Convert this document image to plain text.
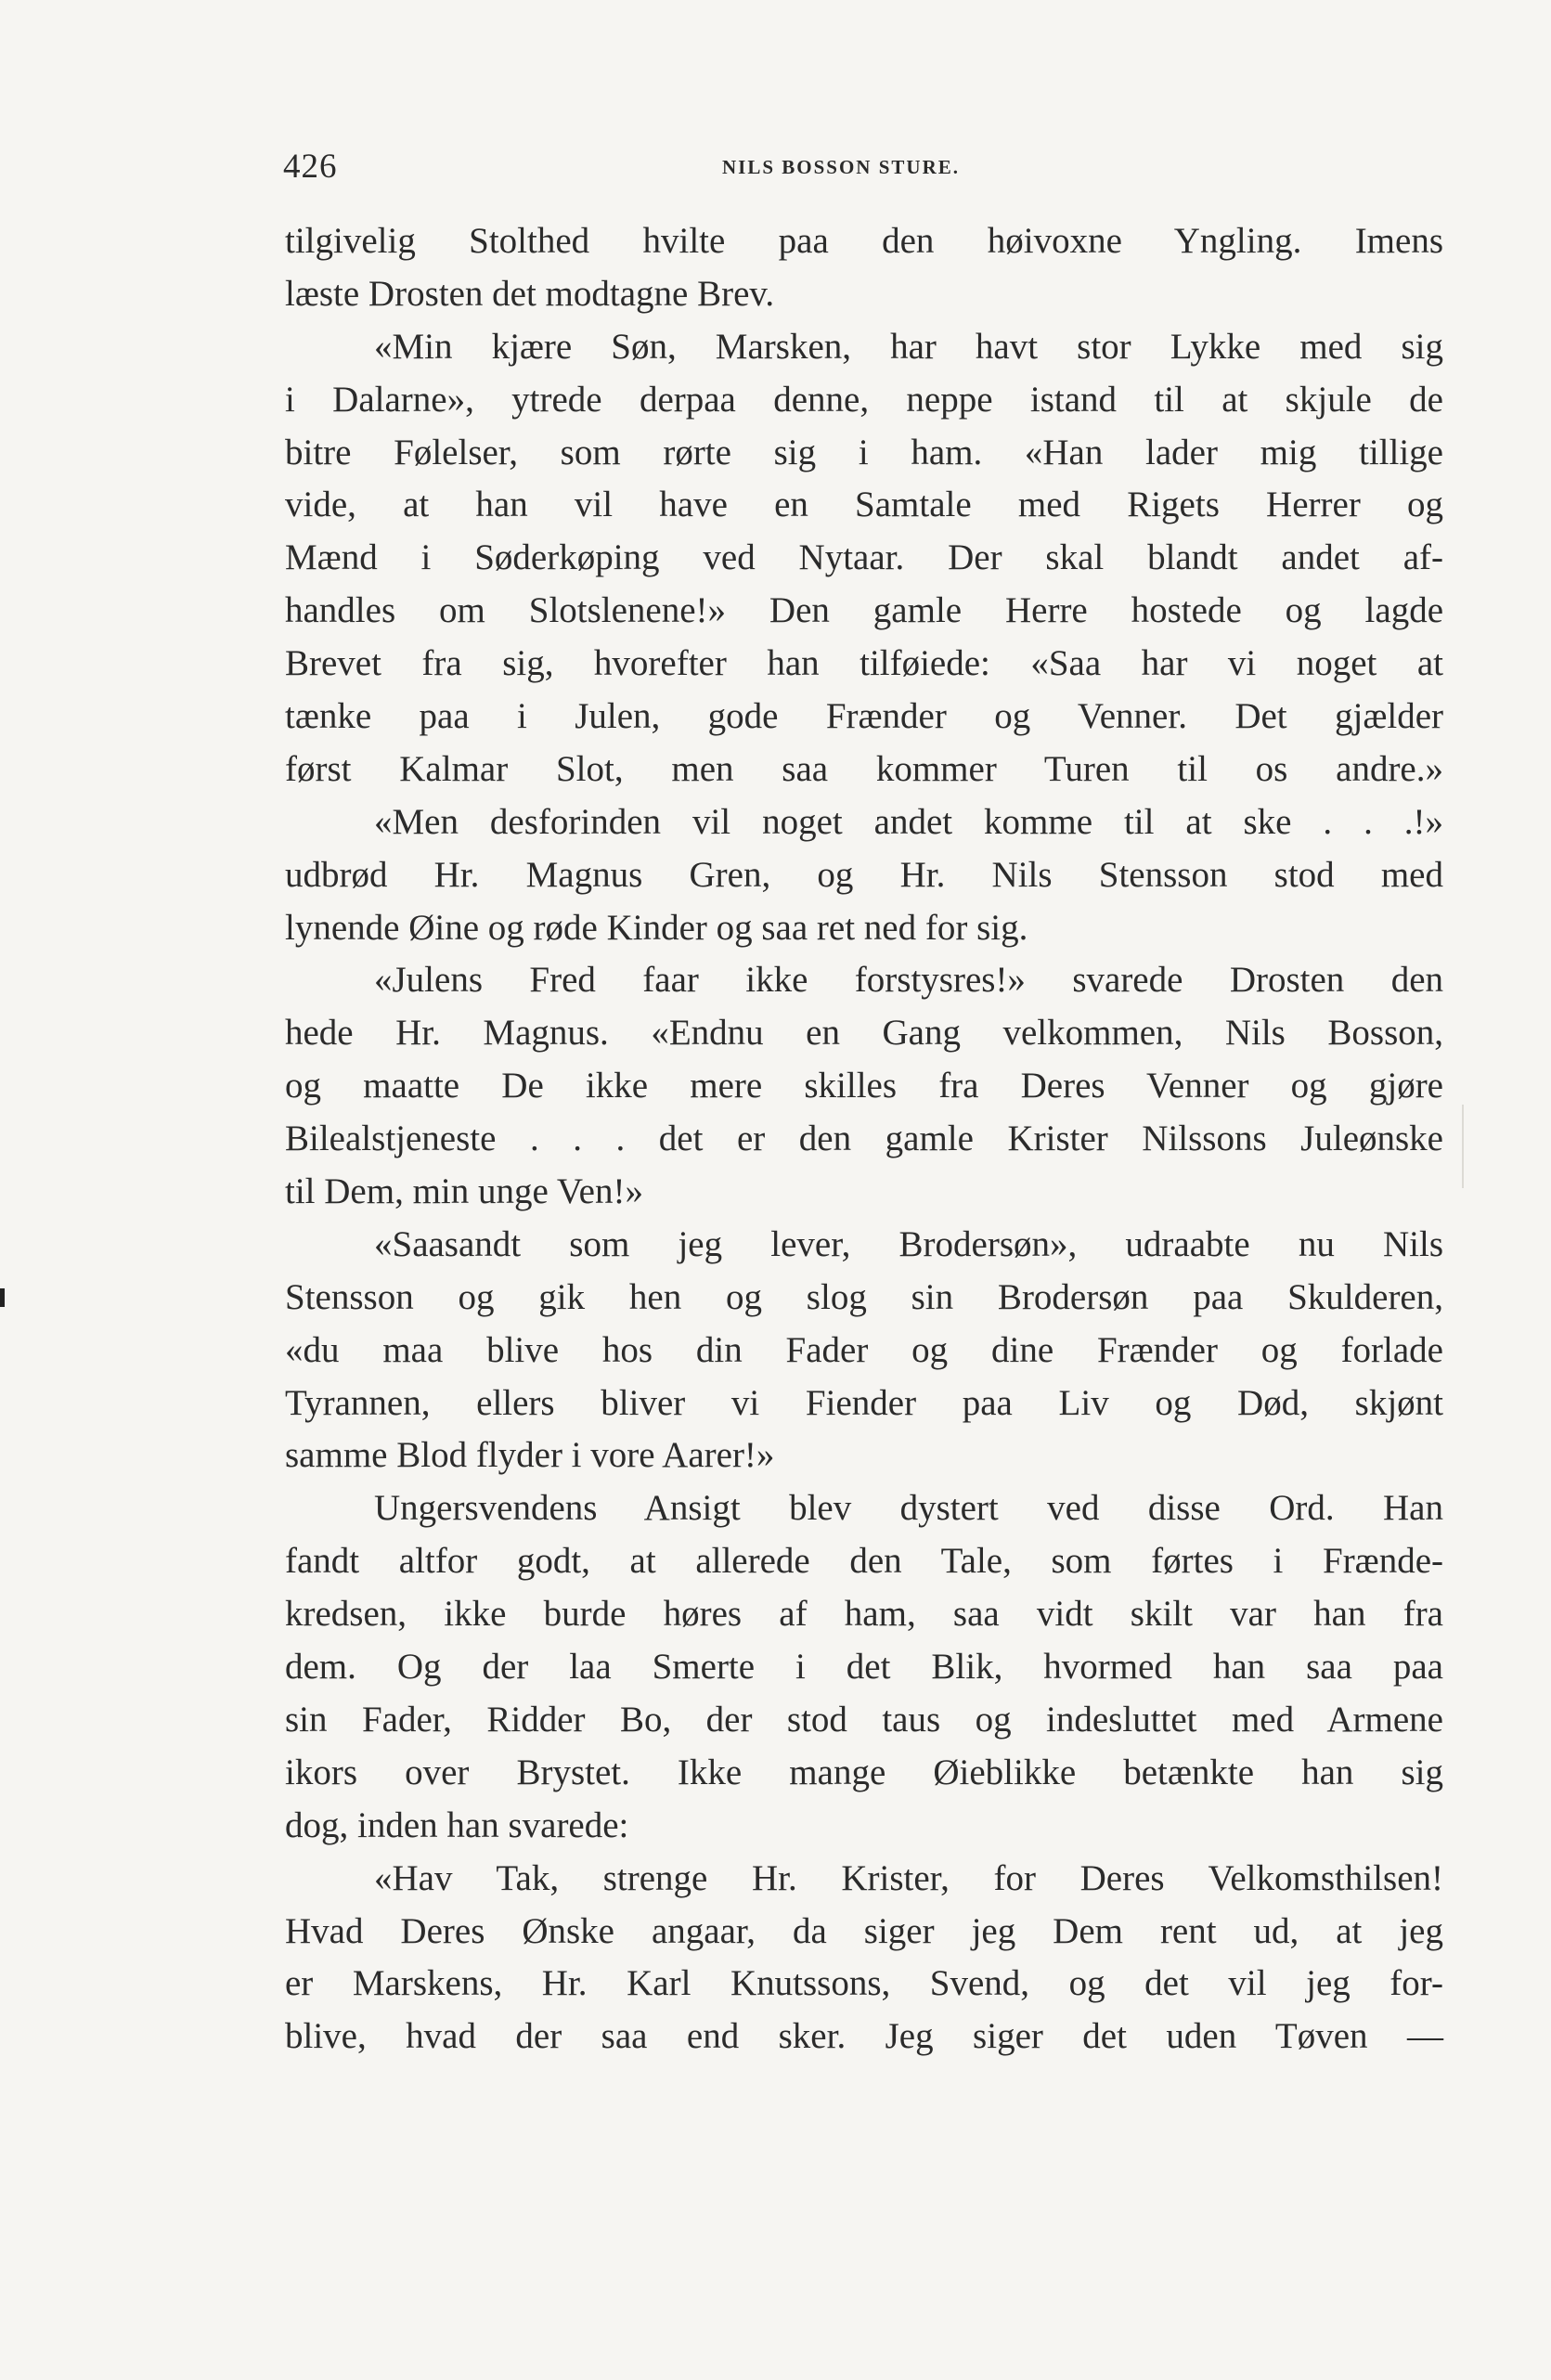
426	NILS BOSSON STURE.
tilgivelig Stolthed hvilte paa den høivoxne Yngling. Imens
læste Drosten det modtagne Brev.
«Min kjære Søn, Marsken, har havt stor Lykke med sig
i Dalarne», ytrede derpaa denne, neppe istand til at skjule de
bitre Følelser, som rørte sig i ham. «Han lader mig tillige
vide, at han vil have en Samtale med Rigets Herrer og
Mænd i Søderkøping ved Nytaar. Der skal blandt andet af-
handles om Slotslenene!» Den gamle Herre hostede og lagde
Brevet fra sig, hvorefter han tilføiede: «Saa har vi noget at
tænke paa i Julen, gode Frænder og Venner. Det gjælder
først Kalmar Slot, men saa kommer Turen til os andre.»
«Men desforinden vil noget andet komme til at ske . . .!»
udbrød Hr. Magnus Gren, og Hr. Nils Stensson stod med
lynende Øine og røde Kinder og saa ret ned for sig.
«Julens Fred faar ikke forstysres!» svarede Drosten den
hede Hr. Magnus. «Endnu en Gang velkommen, Nils Bosson,
og maatte De ikke mere skilles fra Deres Venner og gjøre
Bilealstjeneste . . . det er den gamle Krister Nilssons Juleønske
til Dem, min unge Ven!»
«Saasandt som jeg lever, Brodersøn», udraabte nu Nils
Stensson og gik hen og slog sin Brodersøn paa Skulderen,
«du maa blive hos din Fader og dine Frænder og forlade
Tyrannen, ellers bliver vi Fiender paa Liv og Død, skjønt
samme Blod flyder i vore Aarer!»
Ungersvendens Ansigt blev dystert ved disse Ord. Han
fandt altfor godt, at allerede den Tale, som førtes i Frænde-
kredsen, ikke burde høres af ham, saa vidt skilt var han fra
dem. Og der laa Smerte i det Blik, hvormed han saa paa
sin Fader, Ridder Bo, der stod taus og indesluttet med Armene
ikors over Brystet. Ikke mange Øieblikke betænkte han sig
dog, inden han svarede:
«Hav Tak, strenge Hr. Krister, for Deres Velkomsthilsen!
Hvad Deres Ønske angaar, da siger jeg Dem rent ud, at jeg
er Marskens, Hr. Karl Knutssons, Svend, og det vil jeg for-
blive, hvad der saa end sker. Jeg siger det uden Tøven —
